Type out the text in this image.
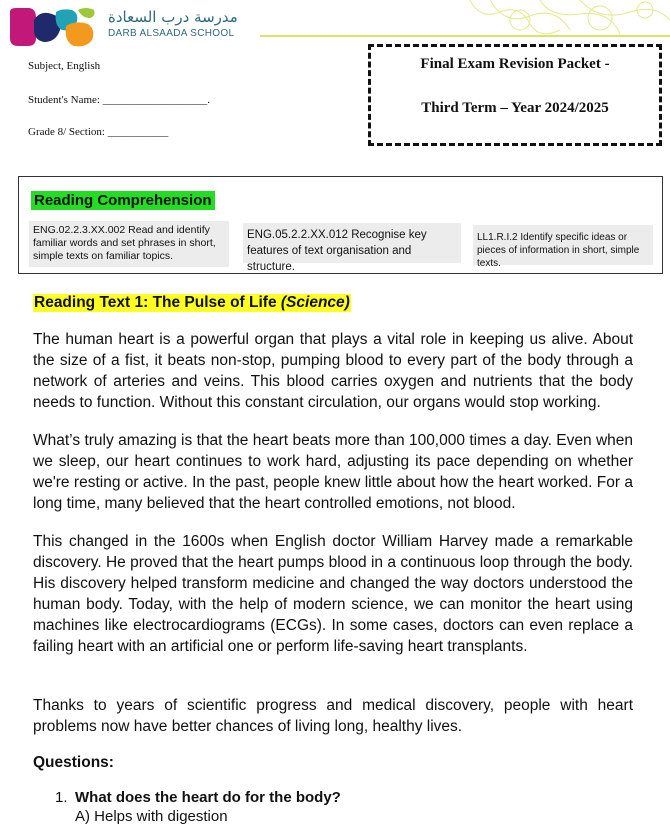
مدرسة درب السعادة
DARB ALSAADA SCHOOL
Subject, English
Student's Name: ___________________.
Grade 8/ Section: ___________
Final Exam Revision Packet -
Third Term – Year 2024/2025
Reading Comprehension
ENG.02.2.3.XX.002 Read and identify familiar words and set phrases in short, simple texts on familiar topics.
ENG.05.2.2.XX.012 Recognise key features of text organisation and structure.
LL1.R.I.2 Identify specific ideas or pieces of information in short, simple texts.
Reading Text 1: The Pulse of Life (Science)

The human heart is a powerful organ that plays a vital role in keeping us alive. About the size of a fist, it beats non-stop, pumping blood to every part of the body through a network of arteries and veins. This blood carries oxygen and nutrients that the body needs to function. Without this constant circulation, our organs would stop working.

What’s truly amazing is that the heart beats more than 100,000 times a day. Even when we sleep, our heart continues to work hard, adjusting its pace depending on whether we're resting or active. In the past, people knew little about how the heart worked. For a long time, many believed that the heart controlled emotions, not blood.

This changed in the 1600s when English doctor William Harvey made a remarkable discovery. He proved that the heart pumps blood in a continuous loop through the body. His discovery helped transform medicine and changed the way doctors understood the human body. Today, with the help of modern science, we can monitor the heart using machines like electrocardiograms (ECGs). In some cases, doctors can even replace a failing heart with an artificial one or perform life-saving heart transplants.

Thanks to years of scientific progress and medical discovery, people with heart problems now have better chances of living long, healthy lives.

Questions:
1. What does the heart do for the body?
A) Helps with digestion
